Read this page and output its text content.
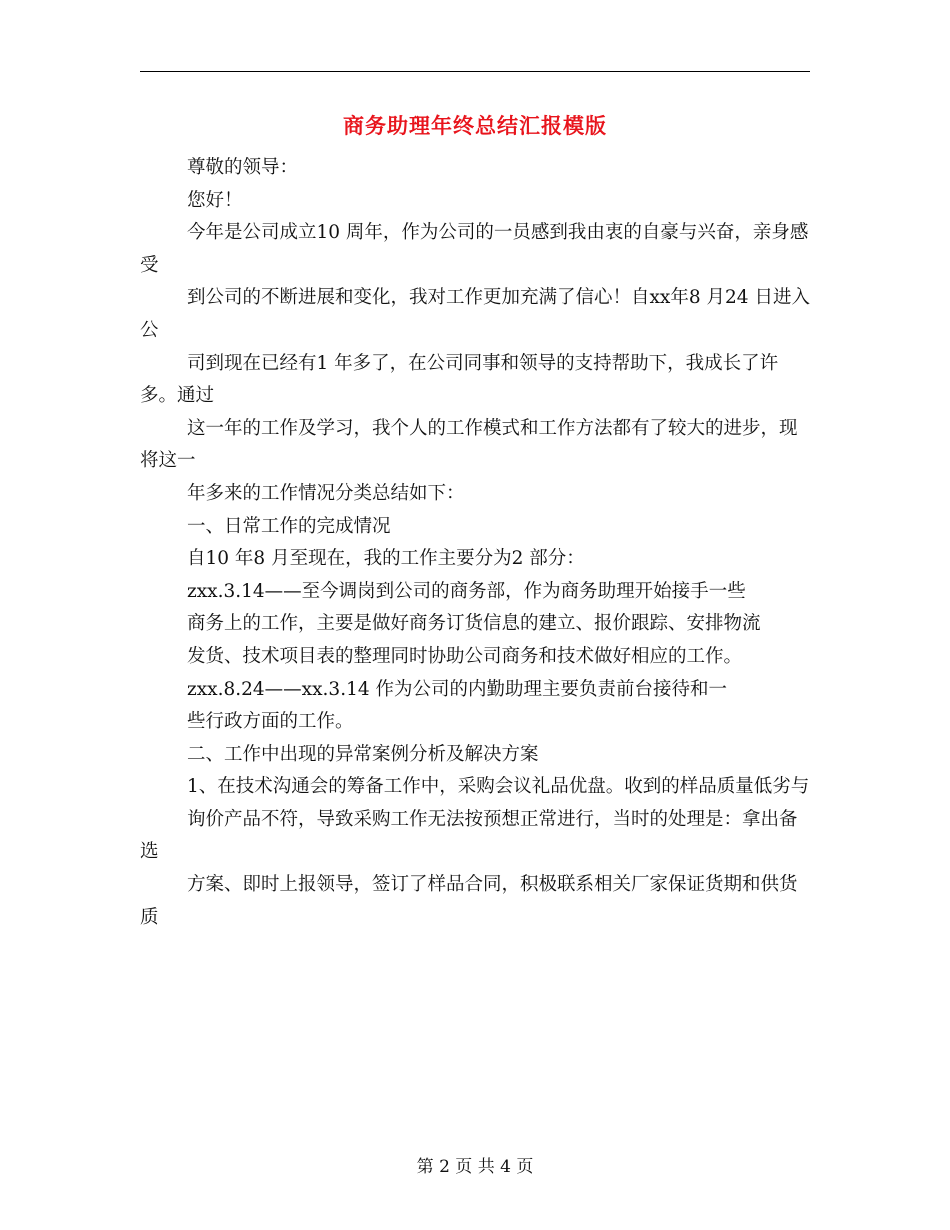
商务助理年终总结汇报模版

尊敬的领导：

您好！

今年是公司成立10 周年，作为公司的一员感到我由衷的自豪与兴奋，亲身感受

到公司的不断进展和变化，我对工作更加充满了信心！自xx年8 月24 日进入公

司到现在已经有1 年多了，在公司同事和领导的支持帮助下，我成长了许多。通过

这一年的工作及学习，我个人的工作模式和工作方法都有了较大的进步，现将这一

年多来的工作情况分类总结如下：

一、日常工作的完成情况

自10 年8 月至现在，我的工作主要分为2 部分：

zxx.3.14——至今调岗到公司的商务部，作为商务助理开始接手一些

商务上的工作，主要是做好商务订货信息的建立、报价跟踪、安排物流

发货、技术项目表的整理同时协助公司商务和技术做好相应的工作。

zxx.8.24——xx.3.14 作为公司的内勤助理主要负责前台接待和一

些行政方面的工作。

二、工作中出现的异常案例分析及解决方案

1、在技术沟通会的筹备工作中，采购会议礼品优盘。收到的样品质量低劣与

询价产品不符，导致采购工作无法按预想正常进行，当时的处理是：拿出备选

方案、即时上报领导，签订了样品合同，积极联系相关厂家保证货期和供货质

第 2 页 共 4 页
